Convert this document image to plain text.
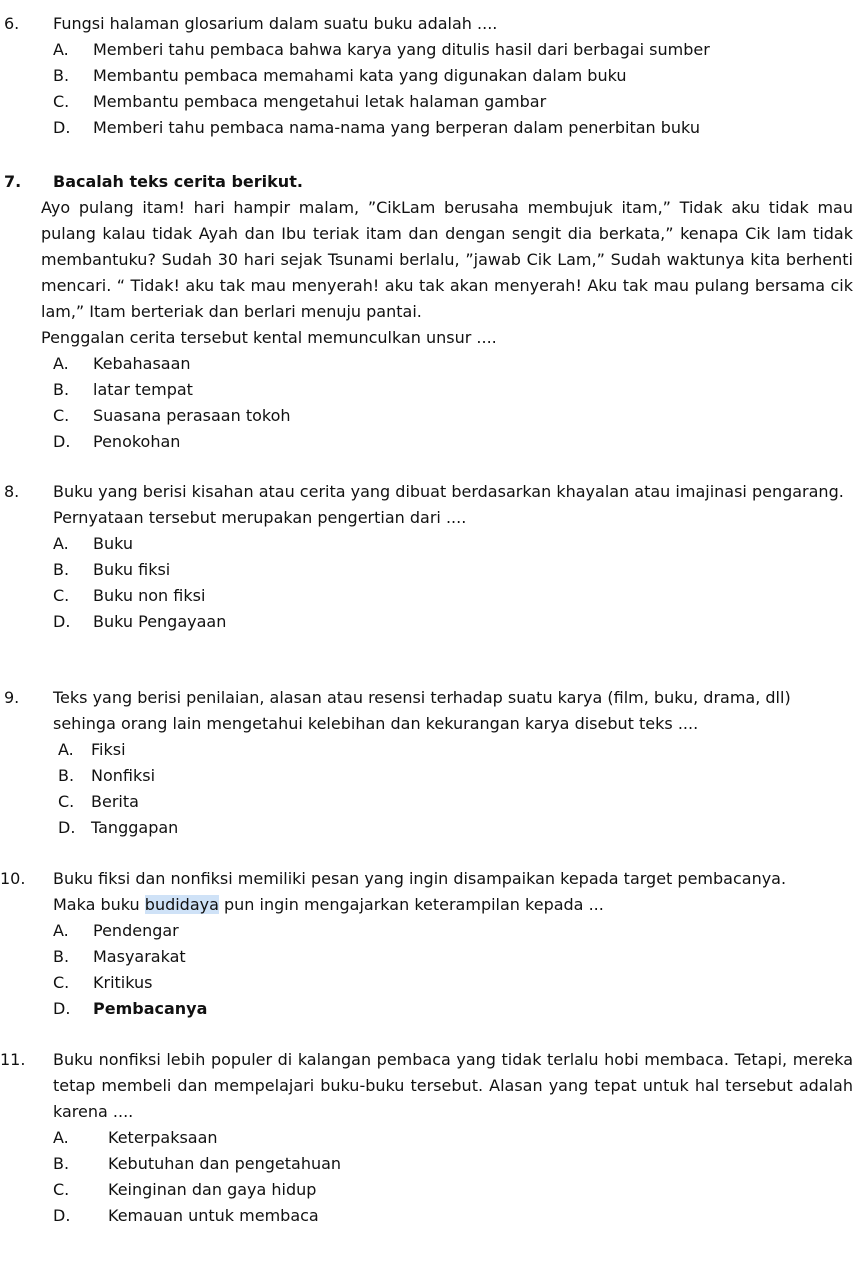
6. Fungsi halaman glosarium dalam suatu buku adalah ....

A. Memberi tahu pembaca bahwa karya yang ditulis hasil dari berbagai sumber
B. Membantu pembaca memahami kata yang digunakan dalam buku
C. Membantu pembaca mengetahui letak halaman gambar
D. Memberi tahu pembaca nama-nama yang berperan dalam penerbitan buku
7. Bacalah teks cerita berikut.

Ayo pulang itam! hari hampir malam, ”CikLam berusaha membujuk itam,” Tidak aku tidak mau pulang kalau tidak Ayah dan Ibu teriak itam dan dengan sengit dia berkata,” kenapa Cik lam tidak membantuku? Sudah 30 hari sejak Tsunami berlalu, ”jawab Cik Lam,” Sudah waktunya kita berhenti mencari. “ Tidak! aku tak mau menyerah! aku tak akan menyerah! Aku tak mau pulang bersama cik lam,” Itam berteriak dan berlari menuju pantai.

Penggalan cerita tersebut kental memunculkan unsur ....

A. Kebahasaan
B. latar tempat
C. Suasana perasaan tokoh
D. Penokohan
8. Buku yang berisi kisahan atau cerita yang dibuat berdasarkan khayalan atau imajinasi pengarang.

Pernyataan tersebut merupakan pengertian dari ....

A. Buku
B. Buku fiksi
C. Buku non fiksi
D. Buku Pengayaan
9. Teks yang berisi penilaian, alasan atau resensi terhadap suatu karya (film, buku, drama, dll) sehinga orang lain mengetahui kelebihan dan kekurangan karya disebut teks ....

A. Fiksi
B. Nonfiksi
C. Berita
D. Tanggapan
10. Buku fiksi dan nonfiksi memiliki pesan yang ingin disampaikan kepada target pembacanya.

Maka buku budidaya pun ingin mengajarkan keterampilan kepada ...

A. Pendengar
B. Masyarakat
C. Kritikus
D. Pembacanya
11. Buku nonfiksi lebih populer di kalangan pembaca yang tidak terlalu hobi membaca. Tetapi, mereka tetap membeli dan mempelajari buku-buku tersebut. Alasan yang tepat untuk hal tersebut adalah karena ....

A. Keterpaksaan
B. Kebutuhan dan pengetahuan
C. Keinginan dan gaya hidup
D. Kemauan untuk membaca
